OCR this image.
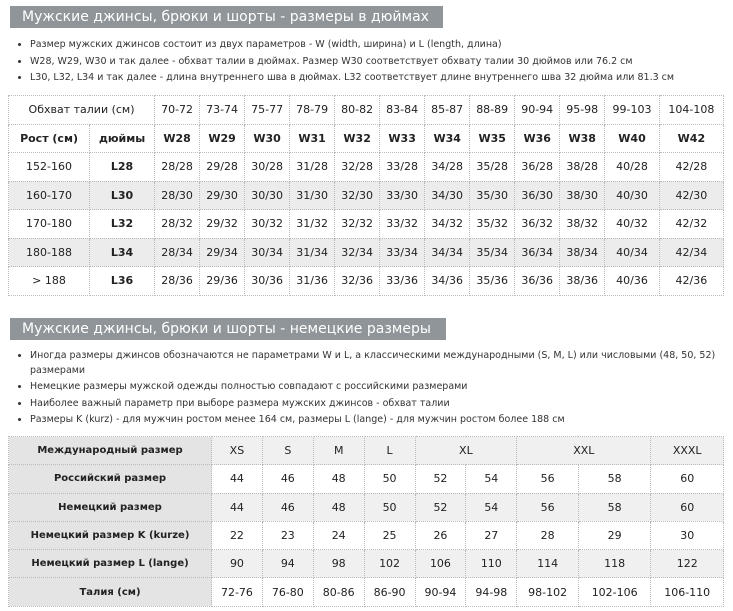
Мужские джинсы, брюки и шорты - размеры в дюймах
• Размер мужских джинсов состоит из двух параметров - W (width, ширина) и L (length, длина)
• W28, W29, W30 и так далее - обхват талии в дюймах. Размер W30 соответствует обхвату талии 30 дюймов или 76.2 см
• L30, L32, L34 и так далее - длина внутреннего шва в дюймах. L32 соответствует длине внутреннего шва 32 дюйма или 81.3 см
Обхват талии (см)		70-72	73-74	75-77	78-79	80-82	83-84	85-87	88-89	90-94	95-98	99-103	104-108
Рост (см)	дюймы	W28	W29	W30	W31	W32	W33	W34	W35	W36	W38	W40	W42
152-160	L28	28/28	29/28	30/28	31/28	32/28	33/28	34/28	35/28	36/28	38/28	40/28	42/28
160-170	L30	28/30	29/30	30/30	31/30	32/30	33/30	34/30	35/30	36/30	38/30	40/30	42/30
170-180	L32	28/32	29/32	30/32	31/32	32/32	33/32	34/32	35/32	36/32	38/32	40/32	42/32
180-188	L34	28/34	29/34	30/34	31/34	32/34	33/34	34/34	35/34	36/34	38/34	40/34	42/34
> 188	L36	28/36	29/36	30/36	31/36	32/36	33/36	34/36	35/36	36/36	38/36	40/36	42/36
Мужские джинсы, брюки и шорты - немецкие размеры
• Иногда размеры джинсов обозначаются не параметрами W и L, а классическими международными (S, M, L) или числовыми (48, 50, 52) размерами
• Немецкие размеры мужской одежды полностью совпадают с российскими размерами
• Наиболее важный параметр при выборе размера мужских джинсов - обхват талии
• Размеры K (kurz) - для мужчин ростом менее 164 см, размеры L (lange) - для мужчин ростом более 188 см
Международный размер	XS	S	M	L	XL		XXL		XXXL
Российский размер	44	46	48	50	52	54	56	58	60
Немецкий размер	44	46	48	50	52	54	56	58	60
Немецкий размер K (kurze)	22	23	24	25	26	27	28	29	30
Немецкий размер L (lange)	90	94	98	102	106	110	114	118	122
Талия (см)	72-76	76-80	80-86	86-90	90-94	94-98	98-102	102-106	106-110
